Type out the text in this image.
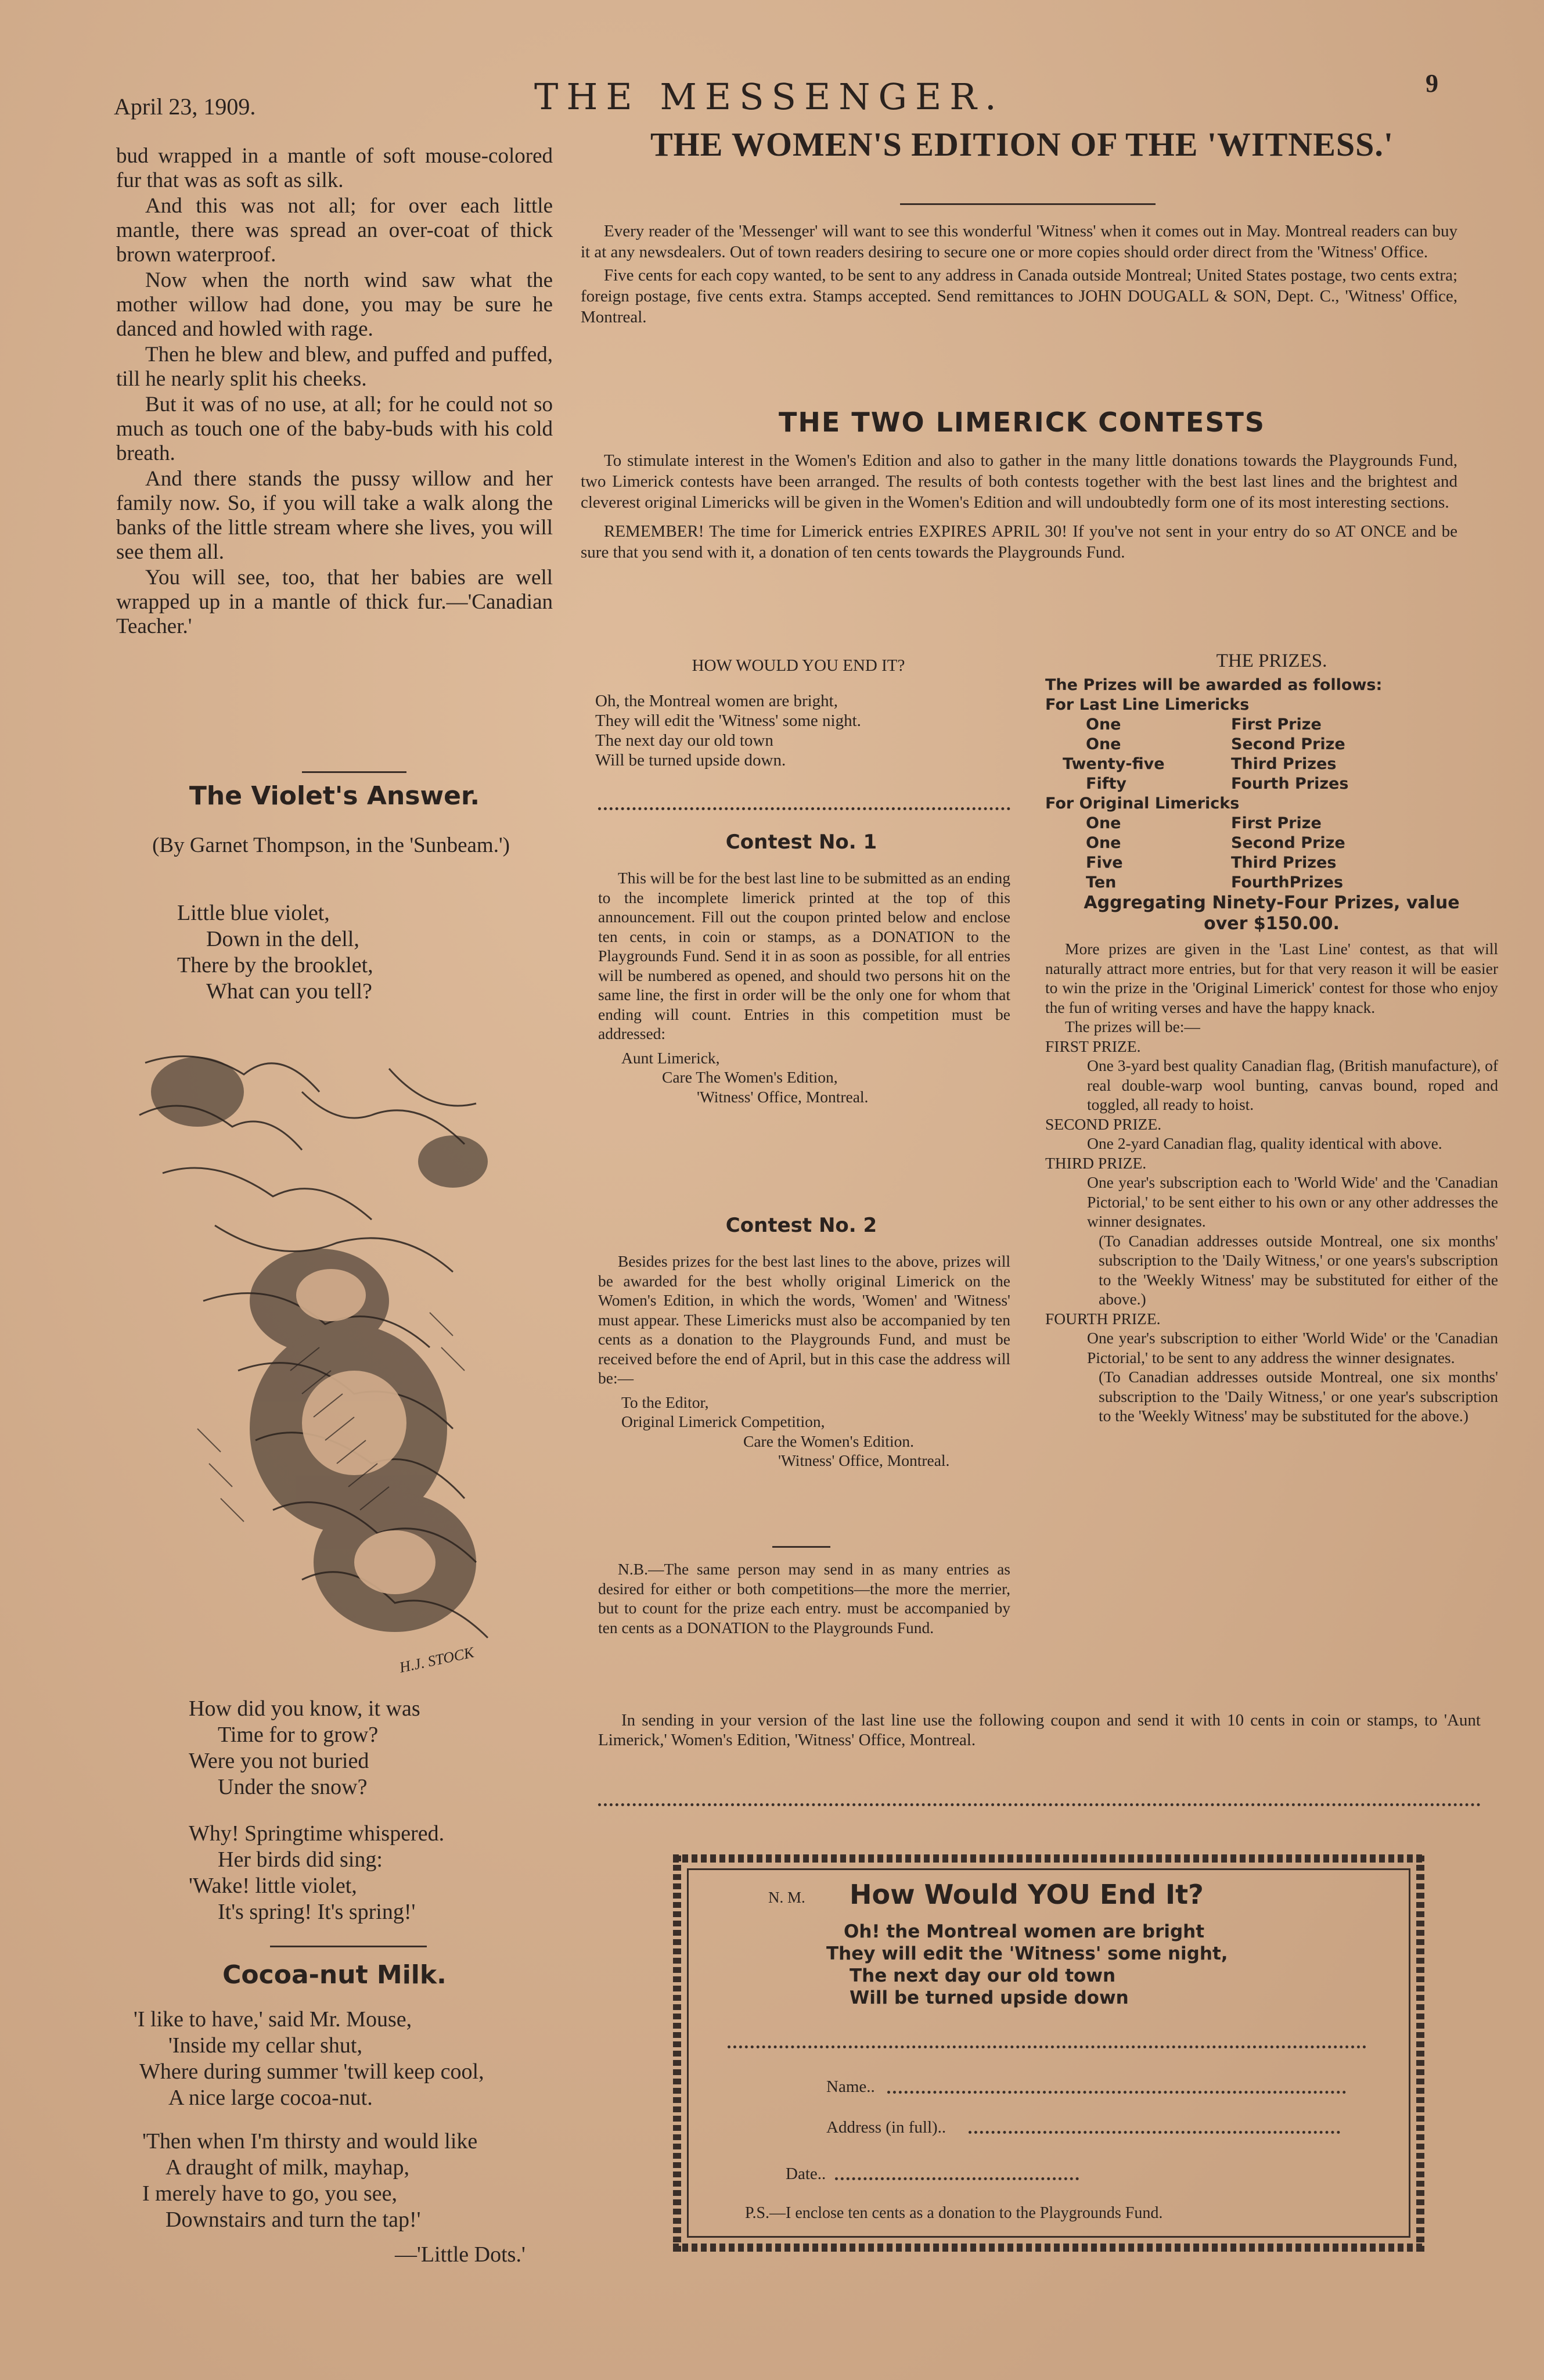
April 23, 1909.	THE MESSENGER.	9
bud wrapped in a mantle of soft mouse-colored fur that was as soft as silk.
And this was not all; for over each little mantle, there was spread an over-coat of thick brown waterproof.
Now when the north wind saw what the mother willow had done, you may be sure he danced and howled with rage.
Then he blew and blew, and puffed and puffed, till he nearly split his cheeks.
But it was of no use, at all; for he could not so much as touch one of the baby-buds with his cold breath.
And there stands the pussy willow and her family now. So, if you will take a walk along the banks of the little stream where she lives, you will see them all.
You will see, too, that her babies are well wrapped up in a mantle of thick fur.—'Canadian Teacher.'
The Violet's Answer.
(By Garnet Thompson, in the 'Sunbeam.')
Little blue violet,
Down in the dell,
There by the brooklet,
What can you tell?
H.J. STOCK
How did you know, it was
Time for to grow?
Were you not buried
Under the snow?
Why! Springtime whispered.
Her birds did sing:
'Wake! little violet,
It's spring! It's spring!'
Cocoa-nut Milk.
'I like to have,' said Mr. Mouse,
'Inside my cellar shut,
Where during summer 'twill keep cool,
A nice large cocoa-nut.
'Then when I'm thirsty and would like
A draught of milk, mayhap,
I merely have to go, you see,
Downstairs and turn the tap!'
—'Little Dots.'
THE WOMEN'S EDITION OF THE 'WITNESS.'
Every reader of the 'Messenger' will want to see this wonderful 'Witness' when it comes out in May. Montreal readers can buy it at any newsdealers. Out of town readers desiring to secure one or more copies should order direct from the 'Witness' Office.
Five cents for each copy wanted, to be sent to any address in Canada outside Montreal; United States postage, two cents extra; foreign postage, five cents extra. Stamps accepted. Send remittances to JOHN DOUGALL & SON, Dept. C., 'Witness' Office, Montreal.
THE TWO LIMERICK CONTESTS
To stimulate interest in the Women's Edition and also to gather in the many little donations towards the Playgrounds Fund, two Limerick contests have been arranged. The results of both contests together with the best last lines and the brightest and cleverest original Limericks will be given in the Women's Edition and will undoubtedly form one of its most interesting sections.
REMEMBER! The time for Limerick entries EXPIRES APRIL 30! If you've not sent in your entry do so AT ONCE and be sure that you send with it, a donation of ten cents towards the Playgrounds Fund.
HOW WOULD YOU END IT?
Oh, the Montreal women are bright,
They will edit the 'Witness' some night.
The next day our old town
Will be turned upside down.
Contest No. 1
This will be for the best last line to be submitted as an ending to the incomplete limerick printed at the top of this announcement. Fill out the coupon printed below and enclose ten cents, in coin or stamps, as a DONATION to the Playgrounds Fund. Send it in as soon as possible, for all entries will be numbered as opened, and should two persons hit on the same line, the first in order will be the only one for whom that ending will count. Entries in this competition must be addressed:
Aunt Limerick,
Care The Women's Edition,
'Witness' Office, Montreal.
Contest No. 2
Besides prizes for the best last lines to the above, prizes will be awarded for the best wholly original Limerick on the Women's Edition, in which the words, 'Women' and 'Witness' must appear. These Limericks must also be accompanied by ten cents as a donation to the Playgrounds Fund, and must be received before the end of April, but in this case the address will be:—
To the Editor,
Original Limerick Competition,
Care the Women's Edition.
'Witness' Office, Montreal.
N.B.—The same person may send in as many entries as desired for either or both competitions—the more the merrier, but to count for the prize each entry. must be accompanied by ten cents as a DONATION to the Playgrounds Fund.
THE PRIZES.
The Prizes will be awarded as follows:
For Last Line Limericks
One	First Prize
One	Second Prize
Twenty-five	Third Prizes
Fifty	Fourth Prizes
For Original Limericks
One	First Prize
One	Second Prize
Five	Third Prizes
Ten	FourthPrizes
Aggregating Ninety-Four Prizes, value over $150.00.
More prizes are given in the 'Last Line' contest, as that will naturally attract more entries, but for that very reason it will be easier to win the prize in the 'Original Limerick' contest for those who enjoy the fun of writing verses and have the happy knack.
The prizes will be:—
FIRST PRIZE.
One 3-yard best quality Canadian flag, (British manufacture), of real double-warp wool bunting, canvas bound, roped and toggled, all ready to hoist.
SECOND PRIZE.
One 2-yard Canadian flag, quality identical with above.
THIRD PRIZE.
One year's subscription each to 'World Wide' and the 'Canadian Pictorial,' to be sent either to his own or any other addresses the winner designates.
(To Canadian addresses outside Montreal, one six months' subscription to the 'Daily Witness,' or one years's subscription to the 'Weekly Witness' may be substituted for either of the above.)
FOURTH PRIZE.
One year's subscription to either 'World Wide' or the 'Canadian Pictorial,' to be sent to any address the winner designates.
(To Canadian addresses outside Montreal, one six months' subscription to the 'Daily Witness,' or one year's subscription to the 'Weekly Witness' may be substituted for the above.)
In sending in your version of the last line use the following coupon and send it with 10 cents in coin or stamps, to 'Aunt Limerick,' Women's Edition, 'Witness' Office, Montreal.
N. M. How Would YOU End It?
Oh! the Montreal women are bright
They will edit the 'Witness' some night,
The next day our old town
Will be turned upside down
Name..
Address (in full)..
Date..
P.S.—I enclose ten cents as a donation to the Playgrounds Fund.
